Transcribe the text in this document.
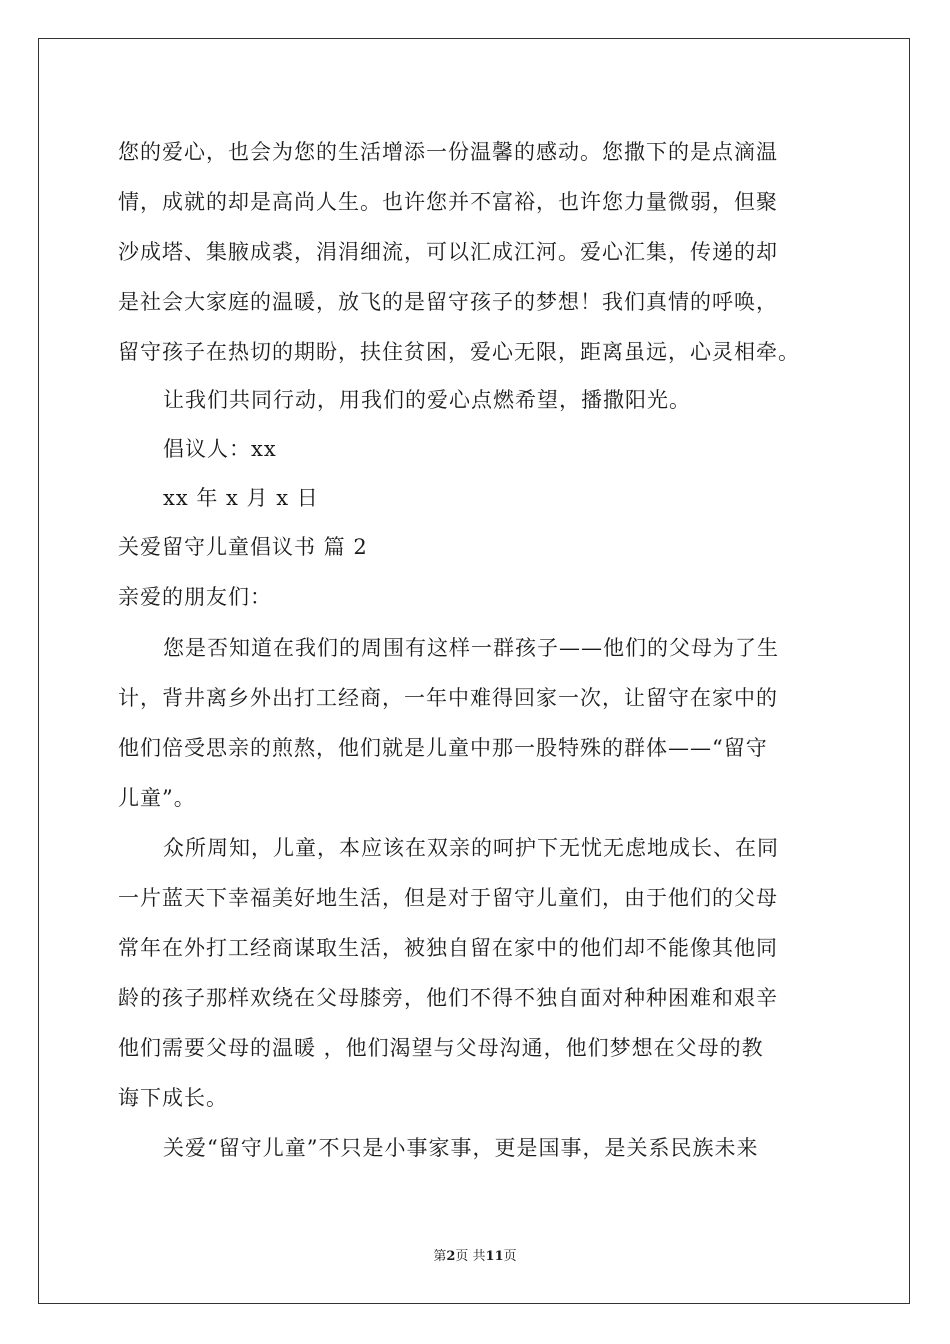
您的爱心，也会为您的生活增添一份温馨的感动。您撒下的是点滴温
情，成就的却是高尚人生。也许您并不富裕，也许您力量微弱，但聚
沙成塔、集腋成裘，涓涓细流，可以汇成江河。爱心汇集，传递的却
是社会大家庭的温暖，放飞的是留守孩子的梦想！我们真情的呼唤，
留守孩子在热切的期盼，扶住贫困，爱心无限，距离虽远，心灵相牵。
让我们共同行动，用我们的爱心点燃希望，播撒阳光。
倡议人：xx
xx 年 x 月 x 日
关爱留守儿童倡议书 篇 2
亲爱的朋友们：
您是否知道在我们的周围有这样一群孩子——他们的父母为了生
计，背井离乡外出打工经商，一年中难得回家一次，让留守在家中的
他们倍受思亲的煎熬，他们就是儿童中那一股特殊的群体——“留守
儿童”。
众所周知，儿童，本应该在双亲的呵护下无忧无虑地成长、在同
一片蓝天下幸福美好地生活，但是对于留守儿童们，由于他们的父母
常年在外打工经商谋取生活，被独自留在家中的他们却不能像其他同
龄的孩子那样欢绕在父母膝旁，他们不得不独自面对种种困难和艰辛
他们需要父母的温暖 ，他们渴望与父母沟通，他们梦想在父母的教
诲下成长。
关爱“留守儿童”不只是小事家事，更是国事，是关系民族未来
第2页 共11页
